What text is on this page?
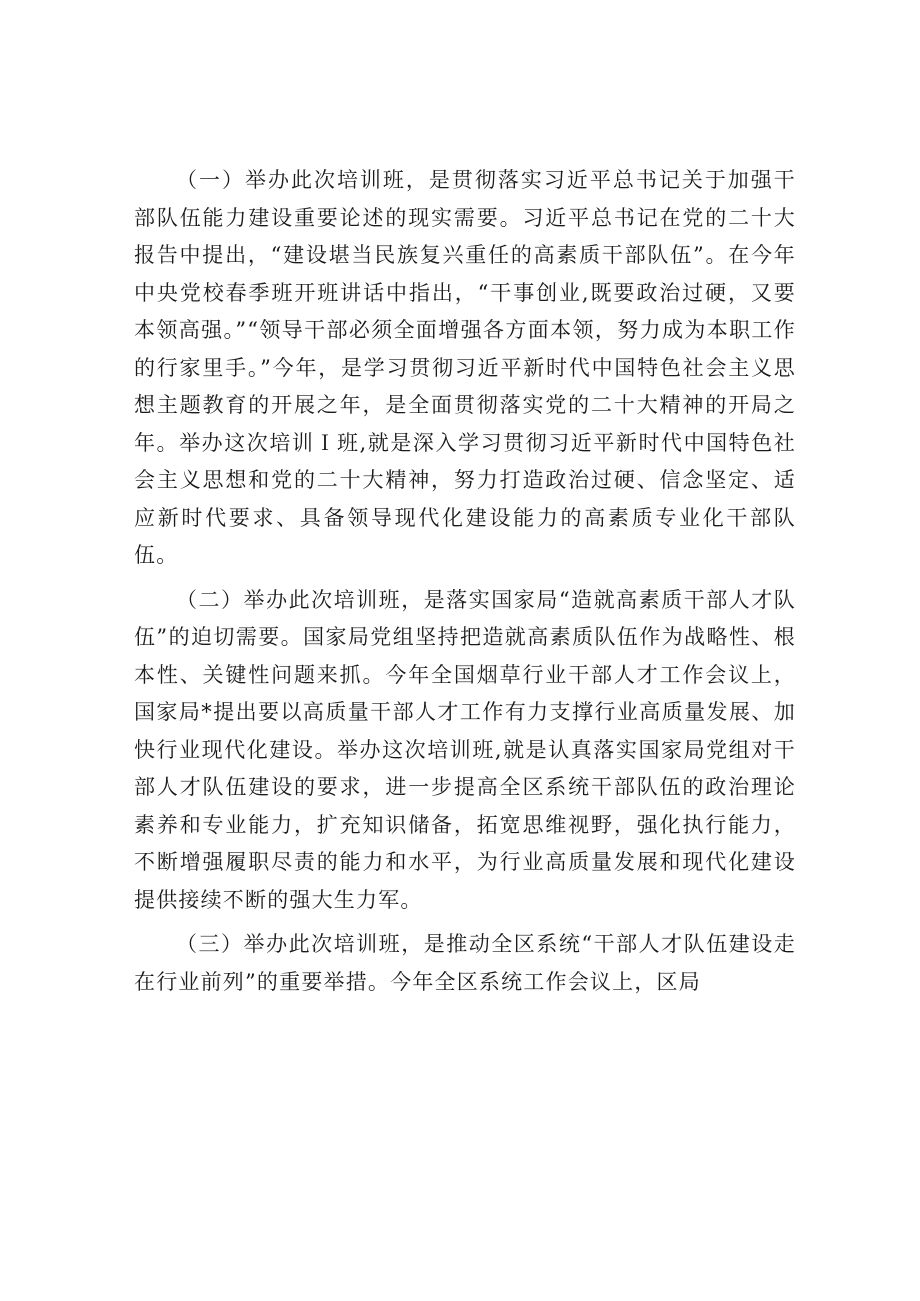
（一）举办此次培训班，是贯彻落实习近平总书记关于加强干部队伍能力建设重要论述的现实需要。习近平总书记在党的二十大报告中提出，“建设堪当民族复兴重任的高素质干部队伍”。在今年中央党校春季班开班讲话中指出，“干事创业,既要政治过硬，又要本领高强。”“领导干部必须全面增强各方面本领，努力成为本职工作的行家里手。”今年，是学习贯彻习近平新时代中国特色社会主义思想主题教育的开展之年，是全面贯彻落实党的二十大精神的开局之年。举办这次培训Ｉ班,就是深入学习贯彻习近平新时代中国特色社会主义思想和党的二十大精神，努力打造政治过硬、信念坚定、适应新时代要求、具备领导现代化建设能力的高素质专业化干部队伍。

（二）举办此次培训班，是落实国家局“造就高素质干部人才队伍”的迫切需要。国家局党组坚持把造就高素质队伍作为战略性、根本性、关键性问题来抓。今年全国烟草行业干部人才工作会议上，国家局*提出要以高质量干部人才工作有力支撑行业高质量发展、加快行业现代化建设。举办这次培训班,就是认真落实国家局党组对干部人才队伍建设的要求，进一步提高全区系统干部队伍的政治理论素养和专业能力，扩充知识储备，拓宽思维视野，强化执行能力，不断增强履职尽责的能力和水平，为行业高质量发展和现代化建设提供接续不断的强大生力军。

（三）举办此次培训班，是推动全区系统“干部人才队伍建设走在行业前列”的重要举措。今年全区系统工作会议上，区局
